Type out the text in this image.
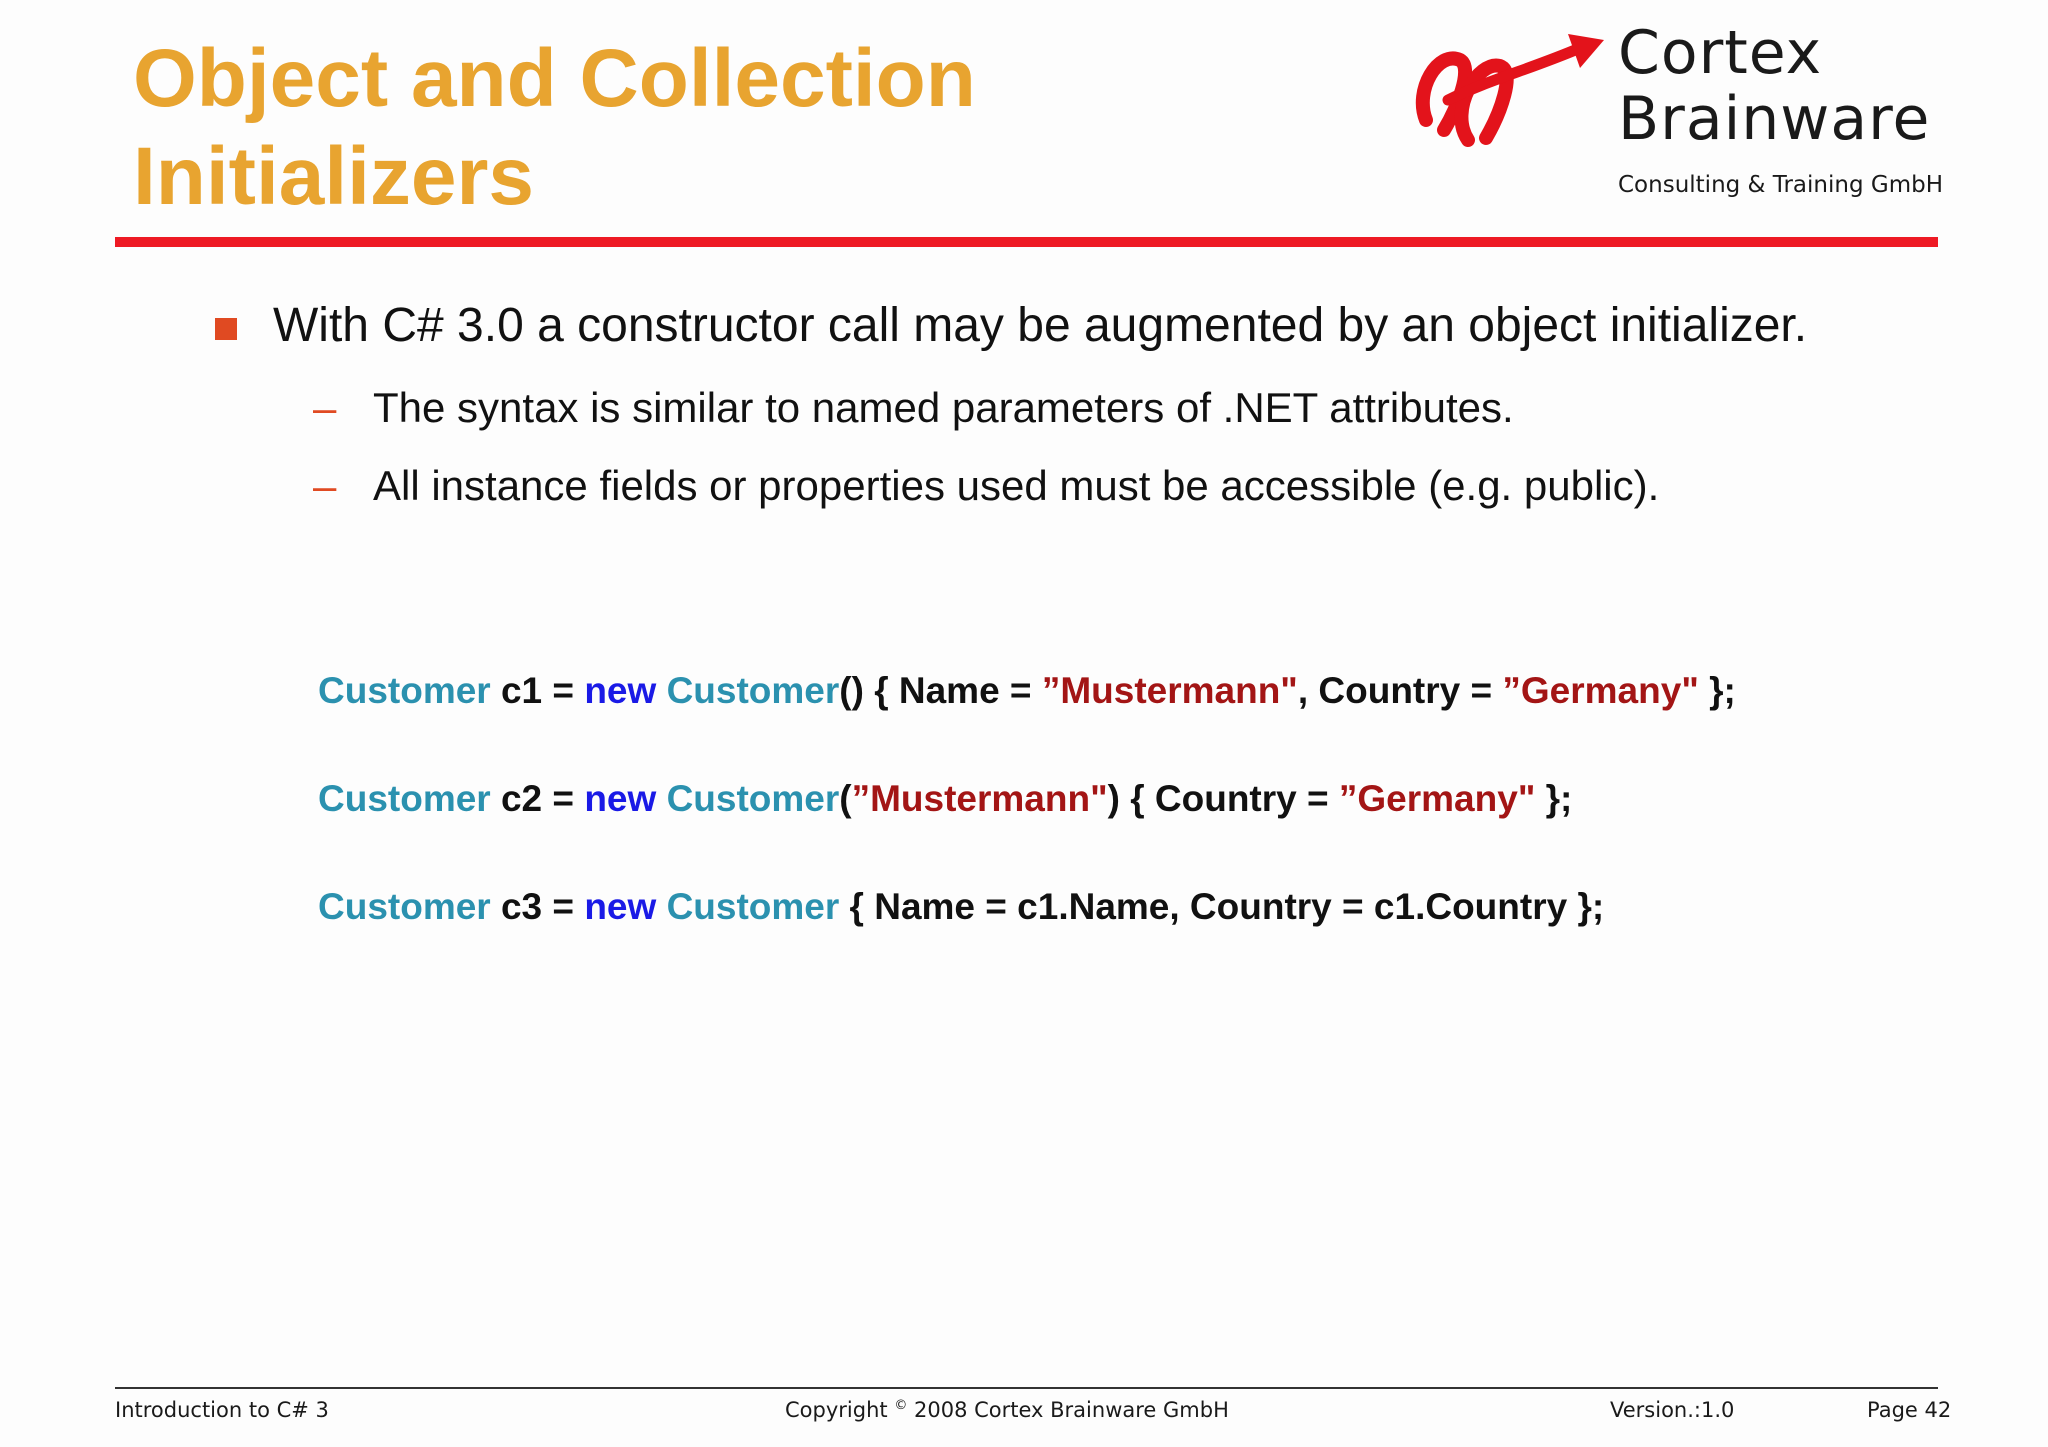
Object and Collection
Initializers
Cortex
Brainware
Consulting & Training GmbH
With C# 3.0 a constructor call may be augmented by an object initializer.
– The syntax is similar to named parameters of .NET attributes.
– All instance fields or properties used must be accessible (e.g. public).
Customer c1 = new Customer() { Name = ”Mustermann", Country = ”Germany" };
Customer c2 = new Customer(”Mustermann") { Country = ”Germany" };
Customer c3 = new Customer { Name = c1.Name, Country = c1.Country };
Introduction to C# 3	Copyright © 2008 Cortex Brainware GmbH	Version.:1.0	Page 42
